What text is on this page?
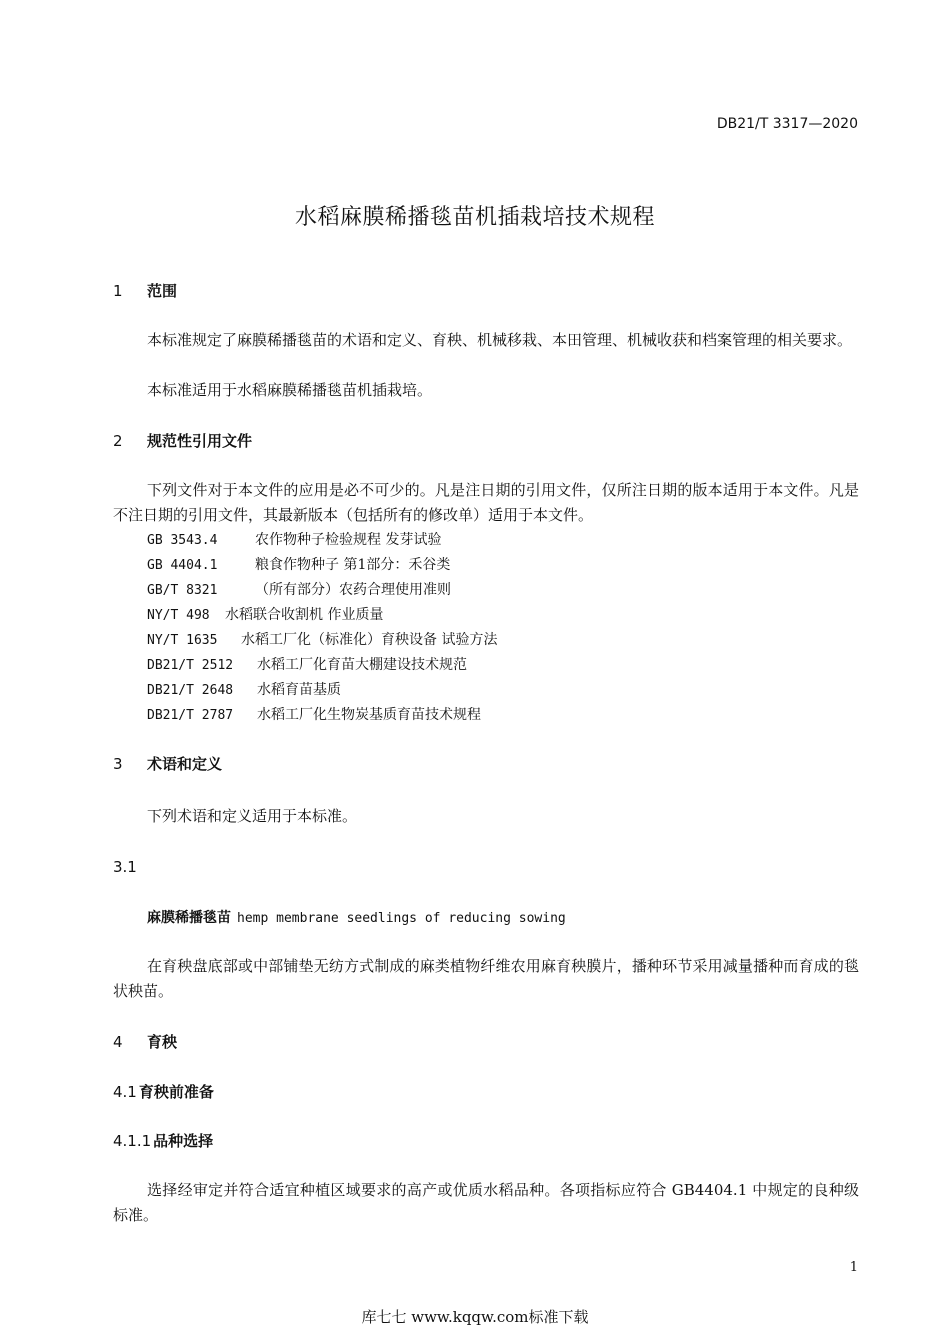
DB21/T 3317—2020
水稻麻膜稀播毯苗机插栽培技术规程
1 范围
本标准规定了麻膜稀播毯苗的术语和定义、育秧、机械移栽、本田管理、机械收获和档案管理的相关要求。
本标准适用于水稻麻膜稀播毯苗机插栽培。
2 规范性引用文件
下列文件对于本文件的应用是必不可少的。凡是注日期的引用文件，仅所注日期的版本适用于本文件。凡是不注日期的引用文件，其最新版本（包括所有的修改单）适用于本文件。
GB 3543.4	农作物种子检验规程 发芽试验
GB 4404.1	粮食作物种子 第1部分：禾谷类
GB/T 8321	（所有部分）农药合理使用准则
NY/T 498 水稻联合收割机 作业质量
NY/T 1635 水稻工厂化（标准化）育秧设备 试验方法
DB21/T 2512 水稻工厂化育苗大棚建设技术规范
DB21/T 2648 水稻育苗基质
DB21/T 2787 水稻工厂化生物炭基质育苗技术规程
3 术语和定义
下列术语和定义适用于本标准。
3.1
麻膜稀播毯苗 hemp membrane seedlings of reducing sowing
在育秧盘底部或中部铺垫无纺方式制成的麻类植物纤维农用麻育秧膜片，播种环节采用减量播种而育成的毯状秧苗。
4 育秧
4.1 育秧前准备
4.1.1 品种选择
选择经审定并符合适宜种植区域要求的高产或优质水稻品种。各项指标应符合 GB4404.1 中规定的良种级标准。
1
库七七 www.kqqw.com标准下载
